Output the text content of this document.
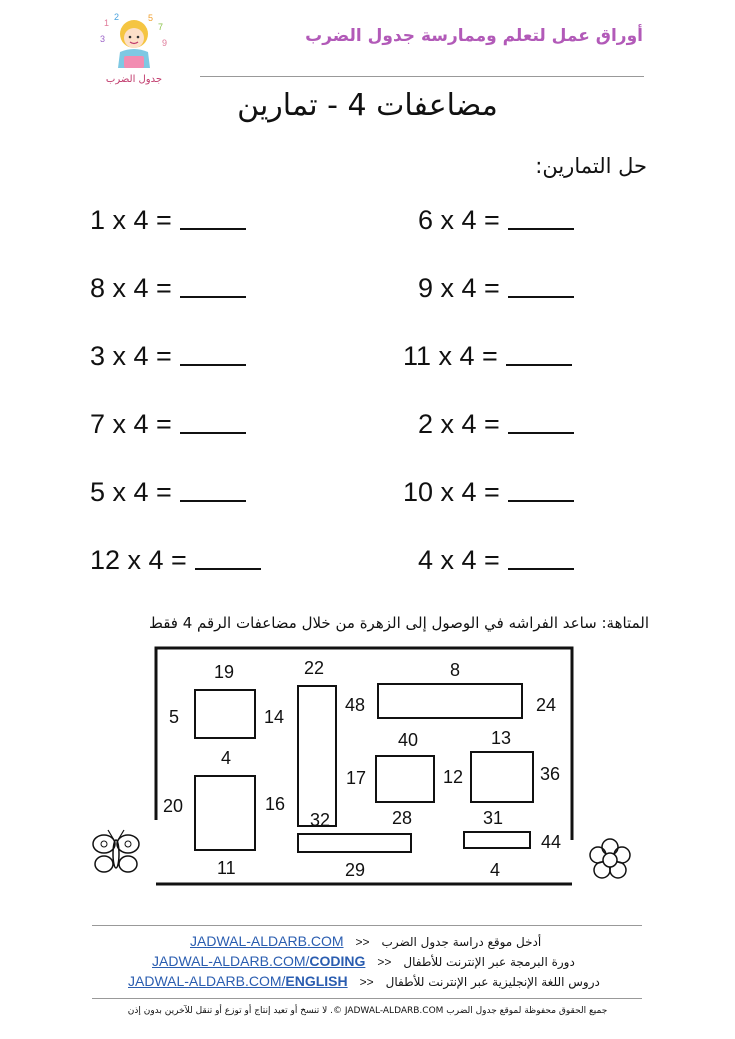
1
2	5
7
3	9
جدول الضرب
أوراق عمل لتعلم وممارسة جدول الضرب
مضاعفات 4 - تمارين
حل التمارين:
1 x 4 =
8 x 4 =
3 x 4 =
7 x 4 =
5 x 4 =
12 x 4 =
6 x 4 =
9 x 4 =
11 x 4 =
2 x 4 =
10 x 4 =
4 x 4 =
المتاهة: ساعد الفراشه في الوصول إلى الزهرة من خلال مضاعفات الرقم 4 فقط
19	22	8
5	14
48	24
4
40	13
17	12	36
20	16
32	28	31
44
11	29	4
JADWAL-ALDARB.COM >> أدخل موقع دراسة جدول الضرب
JADWAL-ALDARB.COM/CODING >> دورة البرمجة عبر الإنترنت للأطفال
JADWAL-ALDARB.COM/ENGLISH >> دروس اللغة الإنجليزية عبر الإنترنت للأطفال
جميع الحقوق محفوظة لموقع جدول الضرب JADWAL-ALDARB.COM ©. لا تنسخ أو تعيد إنتاج أو توزع أو تنقل للآخرين بدون إذن
